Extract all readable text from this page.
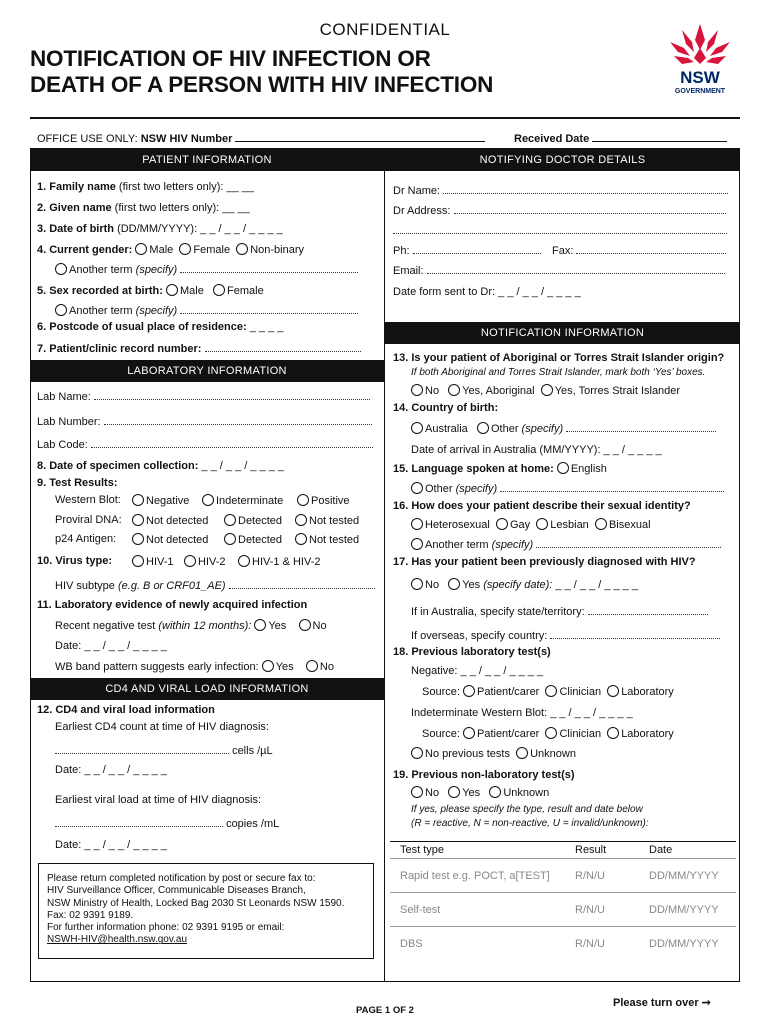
CONFIDENTIAL
NOTIFICATION OF HIV INFECTION OR
DEATH OF A PERSON WITH HIV INFECTION	NSW
GOVERNMENT
OFFICE USE ONLY: NSW HIV Number	Received Date
PATIENT INFORMATION	NOTIFYING DOCTOR DETAILS
1. Family name (first two letters only): __ __
2. Given name (first two letters only): __ __
3. Date of birth (DD/MM/YYYY): _ _ / _ _ / _ _ _ _
4. Current gender: Male Female Non-binary
Another term (specify)
5. Sex recorded at birth: Male Female
Another term (specify)
6. Postcode of usual place of residence: _ _ _ _
7. Patient/clinic record number:
LABORATORY INFORMATION
Lab Name:
Lab Number:
Lab Code:
8. Date of specimen collection: _ _ / _ _ / _ _ _ _
9. Test Results:
Western Blot:	Negative	Indeterminate	Positive
Proviral DNA:	Not detected	Detected	Not tested
p24 Antigen:	Not detected	Detected	Not tested
10. Virus type:	HIV-1	HIV-2	HIV-1 & HIV-2
HIV subtype (e.g. B or CRF01_AE)
11. Laboratory evidence of newly acquired infection
Recent negative test (within 12 months): Yes No
Date: _ _ / _ _ / _ _ _ _
WB band pattern suggests early infection: Yes No
CD4 AND VIRAL LOAD INFORMATION
12. CD4 and viral load information
Earliest CD4 count at time of HIV diagnosis:
cells /µL
Date: _ _ / _ _ / _ _ _ _
Earliest viral load at time of HIV diagnosis:
copies /mL
Date: _ _ / _ _ / _ _ _ _
Please return completed notification by post or secure fax to:
HIV Surveillance Officer, Communicable Diseases Branch,
NSW Ministry of Health, Locked Bag 2030 St Leonards NSW 1590.
Fax: 02 9391 9189.
For further information phone: 02 9391 9195 or email:
NSWH-HIV@health.nsw.gov.au
Dr Name:
Dr Address:
Ph:	Fax:
Email:
Date form sent to Dr: _ _ / _ _ / _ _ _ _
NOTIFICATION INFORMATION
13. Is your patient of Aboriginal or Torres Strait Islander origin?
If both Aboriginal and Torres Strait Islander, mark both ‘Yes’ boxes.
No Yes, Aboriginal Yes, Torres Strait Islander
14. Country of birth:
Australia Other (specify)
Date of arrival in Australia (MM/YYYY): _ _ / _ _ _ _
15. Language spoken at home: English
Other (specify)
16. How does your patient describe their sexual identity?
Heterosexual Gay Lesbian Bisexual
Another term (specify)
17. Has your patient been previously diagnosed with HIV?
No Yes (specify date): _ _ / _ _ / _ _ _ _
If in Australia, specify state/territory:
If overseas, specify country:
18. Previous laboratory test(s)
Negative: _ _ / _ _ / _ _ _ _
Source: Patient/carer Clinician Laboratory
Indeterminate Western Blot: _ _ / _ _ / _ _ _ _
Source: Patient/carer Clinician Laboratory
No previous tests Unknown
19. Previous non-laboratory test(s)
No Yes Unknown
If yes, please specify the type, result and date below
(R = reactive, N = non-reactive, U = invalid/unknown):
Test type	Result	Date
Rapid test e.g. POCT, a[TEST]	R/N/U	DD/MM/YYYY
Self-test	R/N/U	DD/MM/YYYY
DBS	R/N/U	DD/MM/YYYY
Please turn over ➞
PAGE 1 OF 2
